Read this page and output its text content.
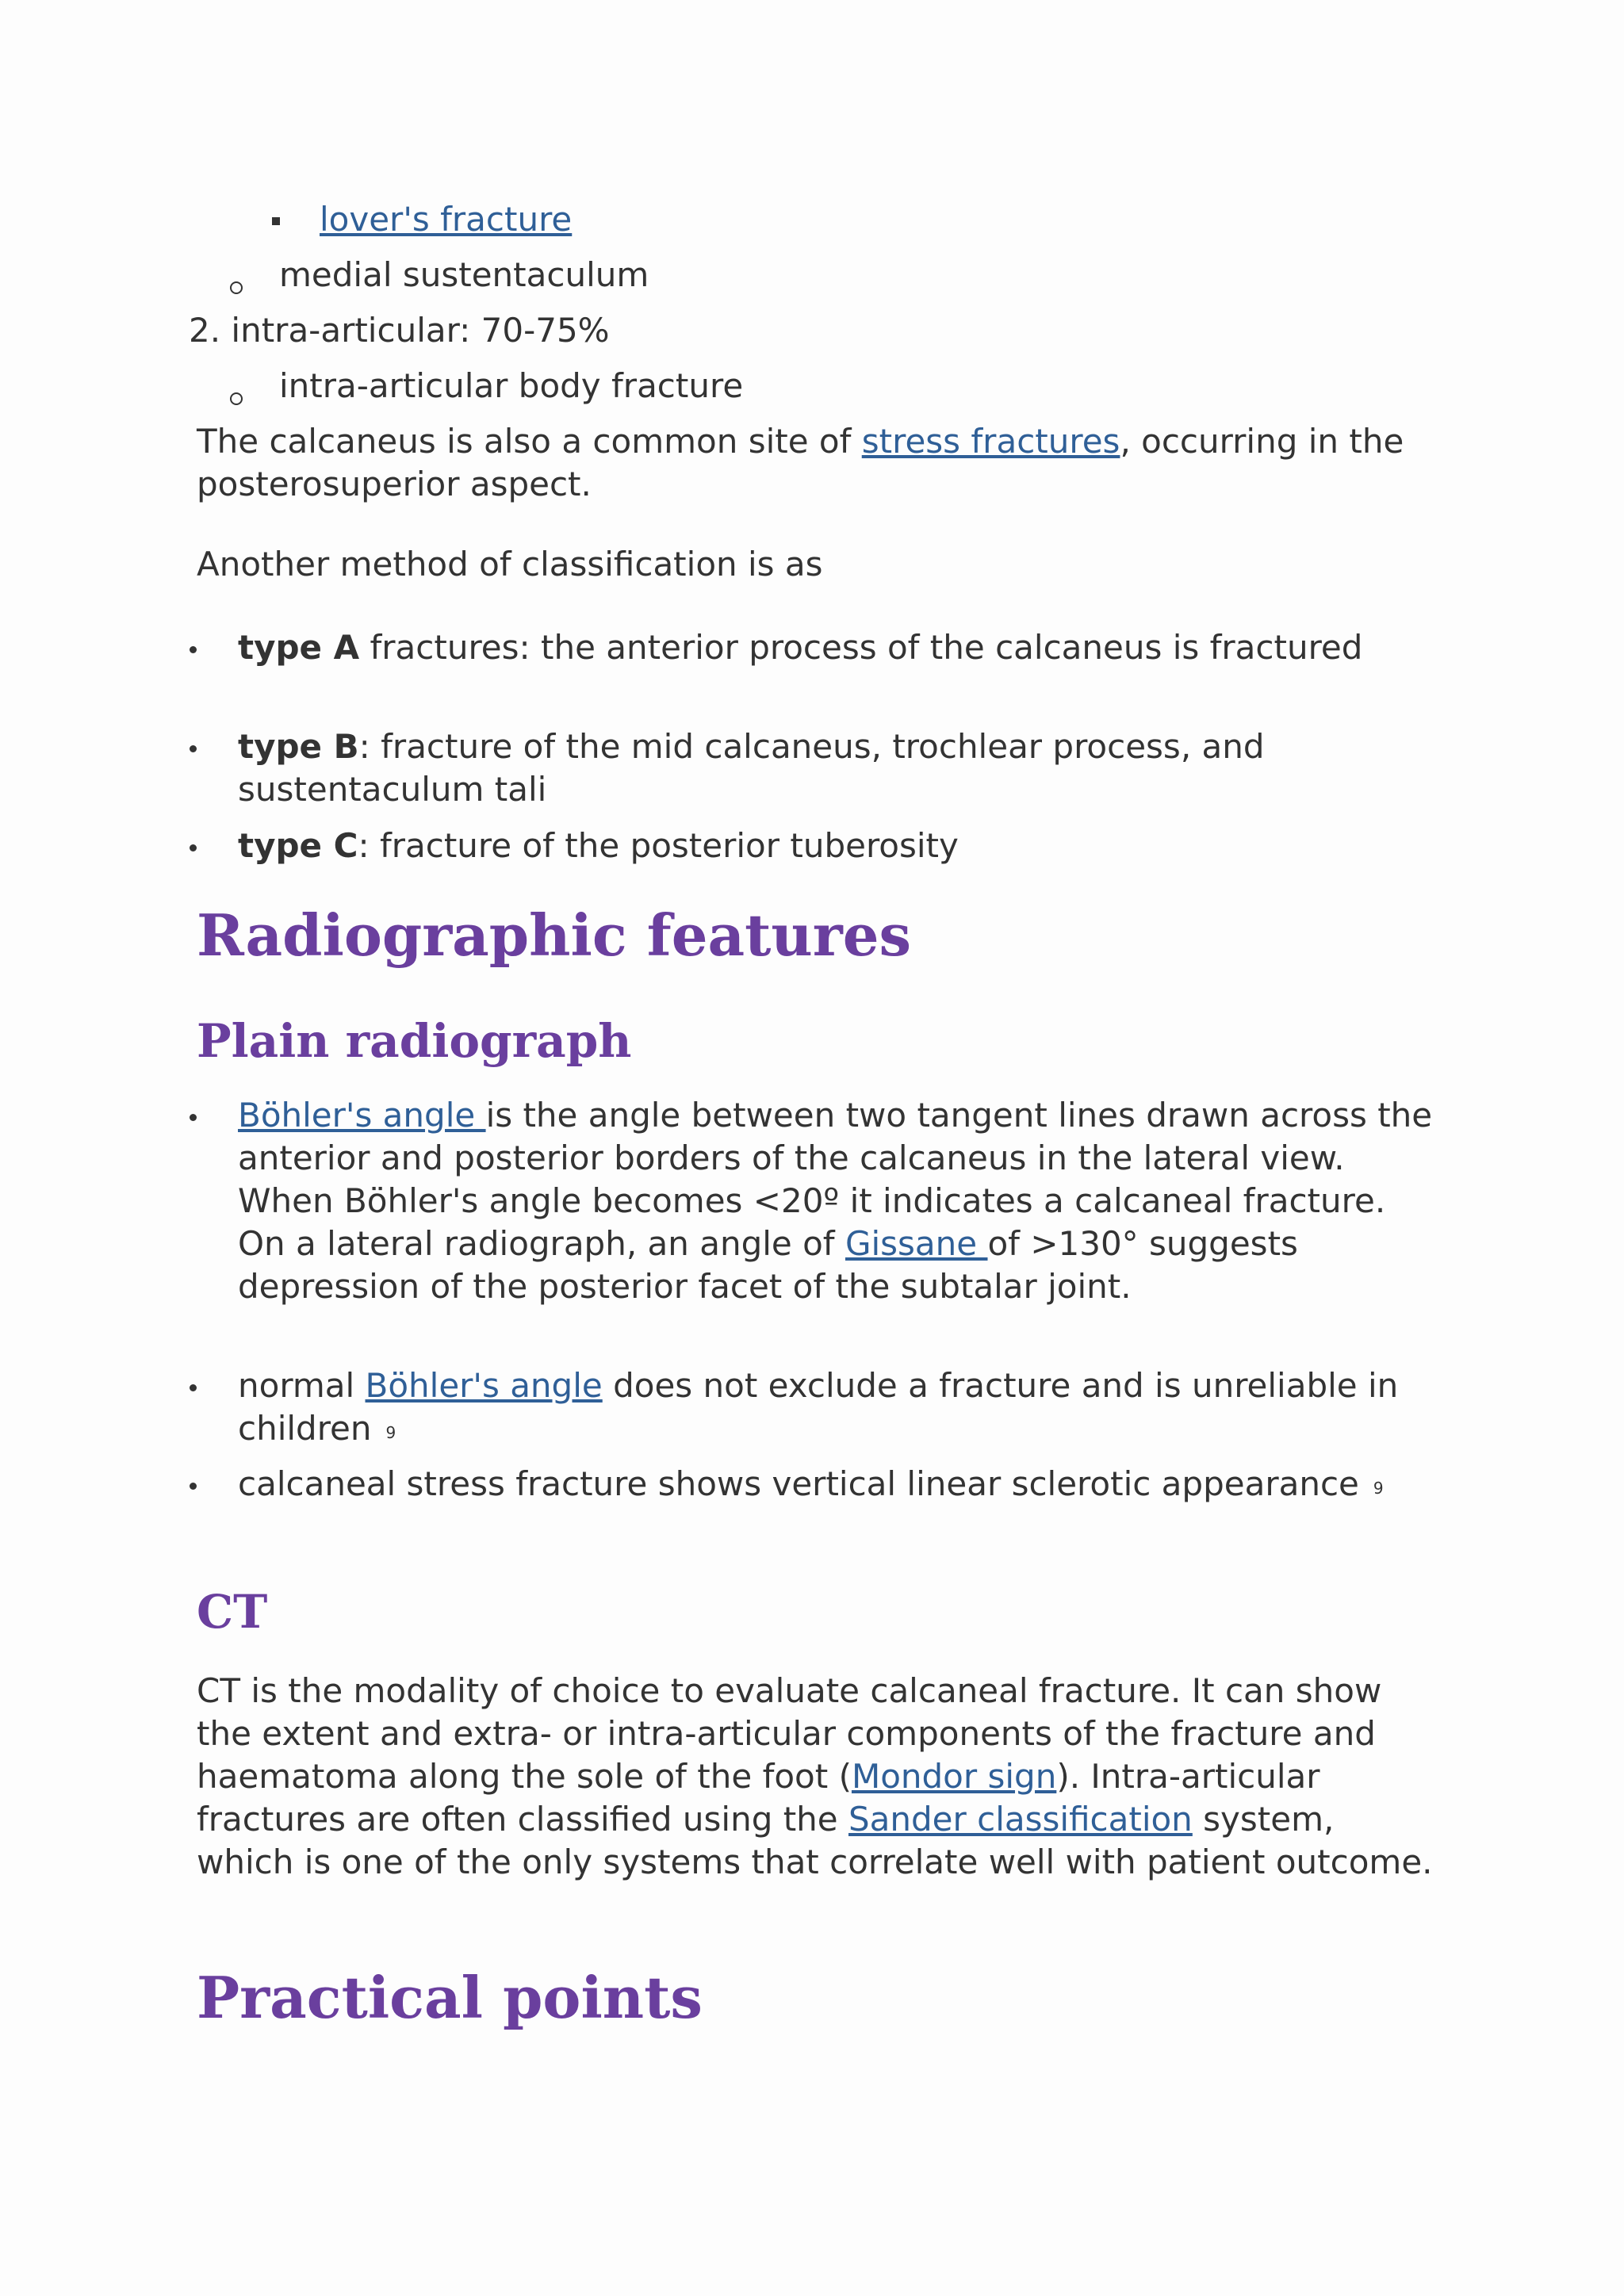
lover's fracture
medial sustentaculum
2. intra-articular: 70-75%
intra-articular body fracture

The calcaneus is also a common site of stress fractures, occurring in the posterosuperior aspect.

Another method of classification is as

type A fractures: the anterior process of the calcaneus is fractured
type B: fracture of the mid calcaneus, trochlear process, and sustentaculum tali
type C: fracture of the posterior tuberosity
Radiographic features
Plain radiograph
Böhler's angle is the angle between two tangent lines drawn across the anterior and posterior borders of the calcaneus in the lateral view. When Böhler's angle becomes <20º it indicates a calcaneal fracture. On a lateral radiograph, an angle of Gissane of >130° suggests depression of the posterior facet of the subtalar joint.
normal Böhler's angle does not exclude a fracture and is unreliable in children $^9$
calcaneal stress fracture shows vertical linear sclerotic appearance $^9$
CT

CT is the modality of choice to evaluate calcaneal fracture. It can show the extent and extra- or intra-articular components of the fracture and haematoma along the sole of the foot (Mondor sign). Intra-articular fractures are often classified using the Sander classification system, which is one of the only systems that correlate well with patient outcome.

Practical points
